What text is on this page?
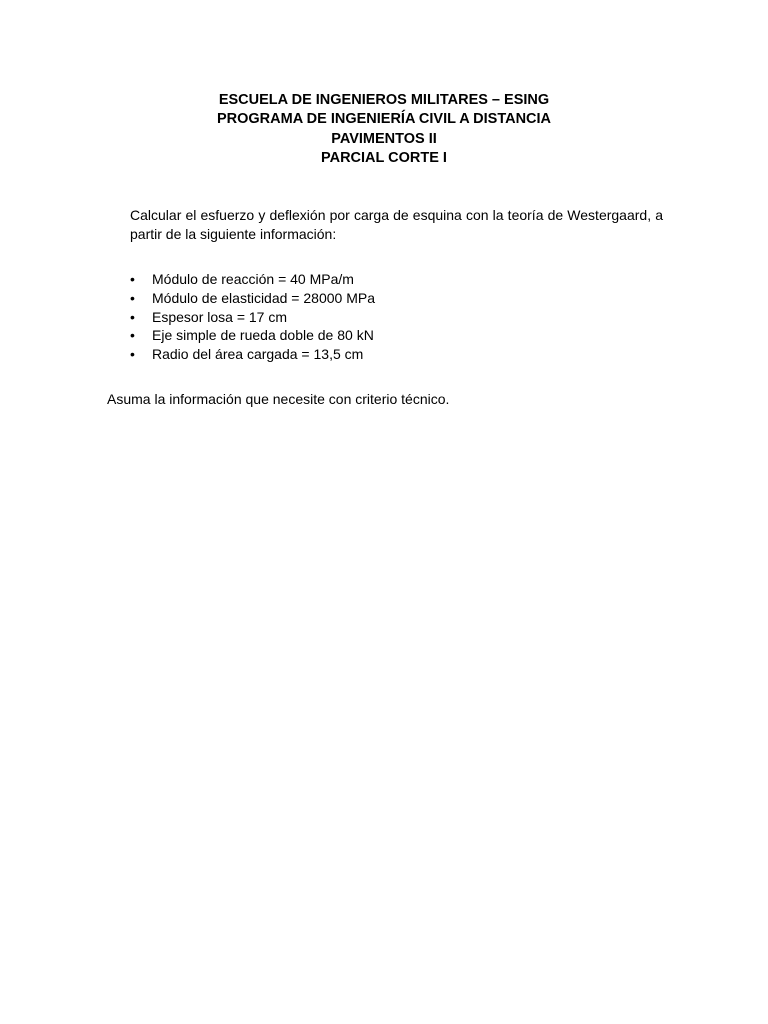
ESCUELA DE INGENIEROS MILITARES – ESING
PROGRAMA DE INGENIERÍA CIVIL A DISTANCIA
PAVIMENTOS II
PARCIAL CORTE I
Calcular el esfuerzo y deflexión por carga de esquina con la teoría de Westergaard, a partir de la siguiente información:
• Módulo de reacción = 40 MPa/m
• Módulo de elasticidad = 28000 MPa
• Espesor losa = 17 cm
• Eje simple de rueda doble de 80 kN
• Radio del área cargada = 13,5 cm
Asuma la información que necesite con criterio técnico.
